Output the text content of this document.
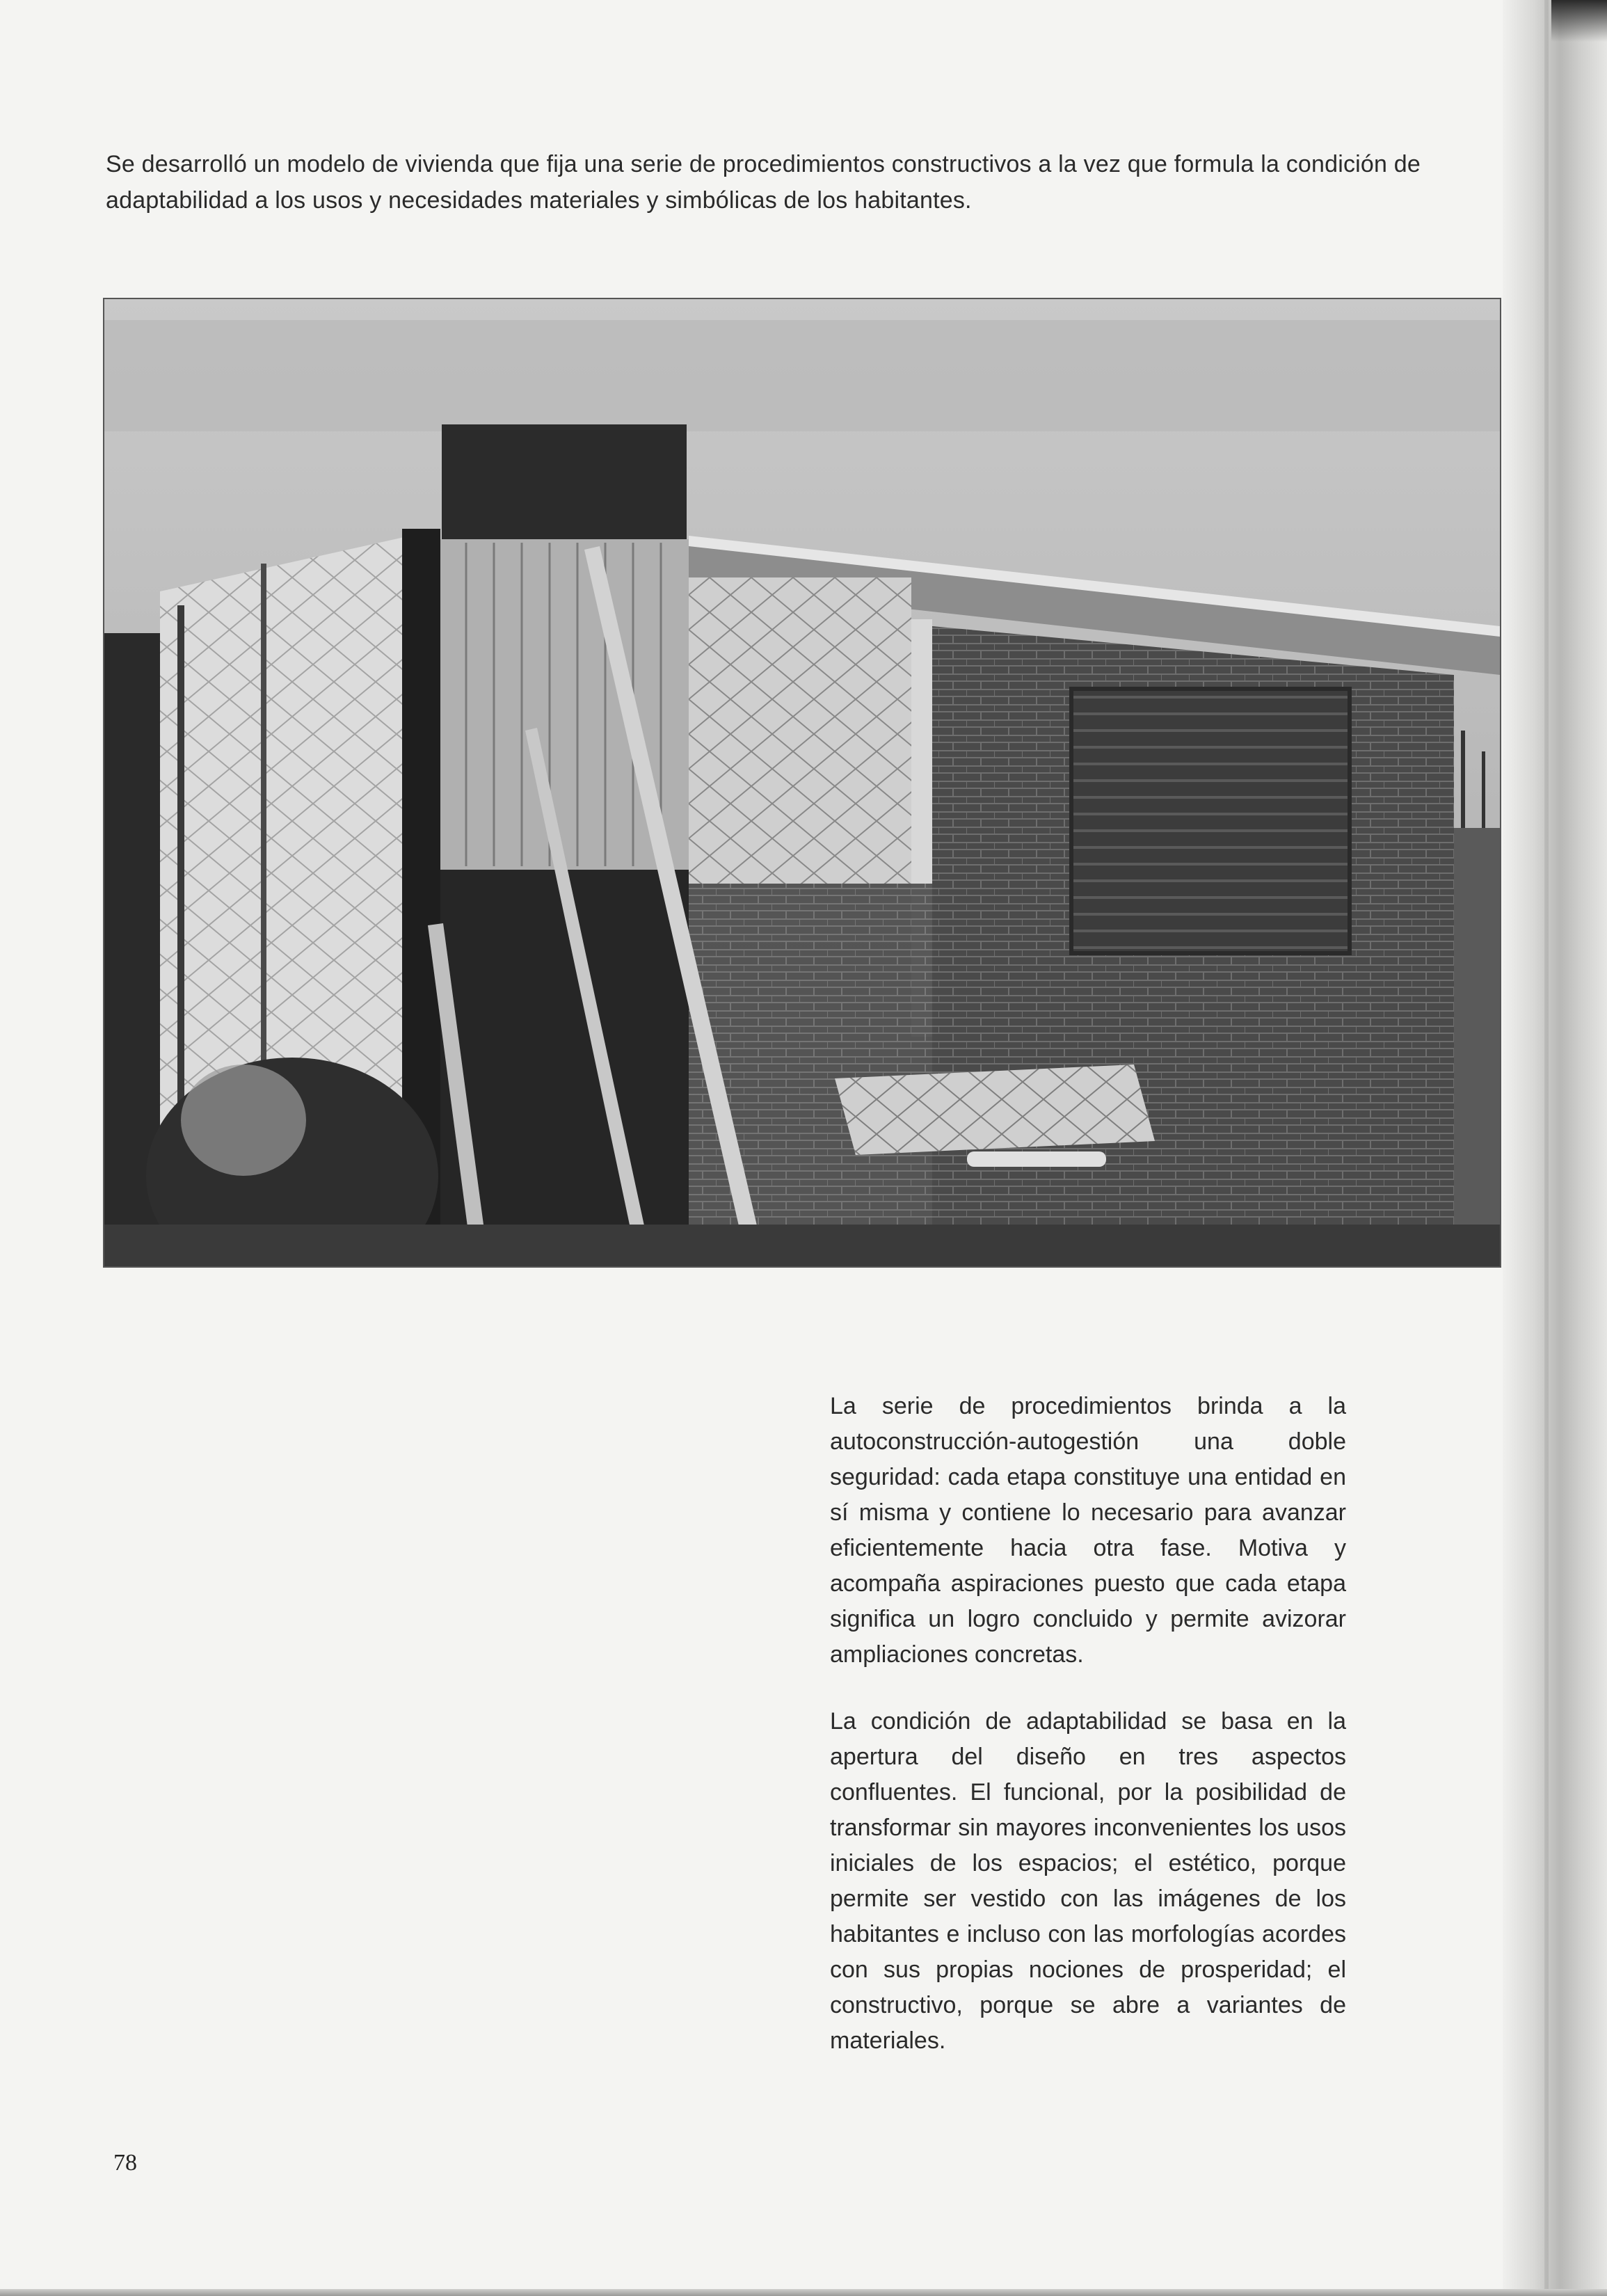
Se desarrolló un modelo de vivienda que fija una serie de procedimientos constructivos a la vez que formula la condición de adaptabilidad a los usos y necesidades materiales y simbólicas de los habitantes.

La serie de procedimientos brinda a la autoconstrucción-autogestión una doble seguridad: cada etapa constituye una entidad en sí misma y contiene lo necesario para avanzar eficientemente hacia otra fase. Motiva y acompaña aspiraciones puesto que cada etapa significa un logro concluido y permite avizorar ampliaciones concretas.

La condición de adaptabilidad se basa en la apertura del diseño en tres aspectos confluentes. El funcional, por la posibilidad de transformar sin mayores inconvenientes los usos iniciales de los espacios; el estético, porque permite ser vestido con las imágenes de los habitantes e incluso con las morfologías acordes con sus propias nociones de prosperidad; el constructivo, porque se abre a variantes de materiales.

78
